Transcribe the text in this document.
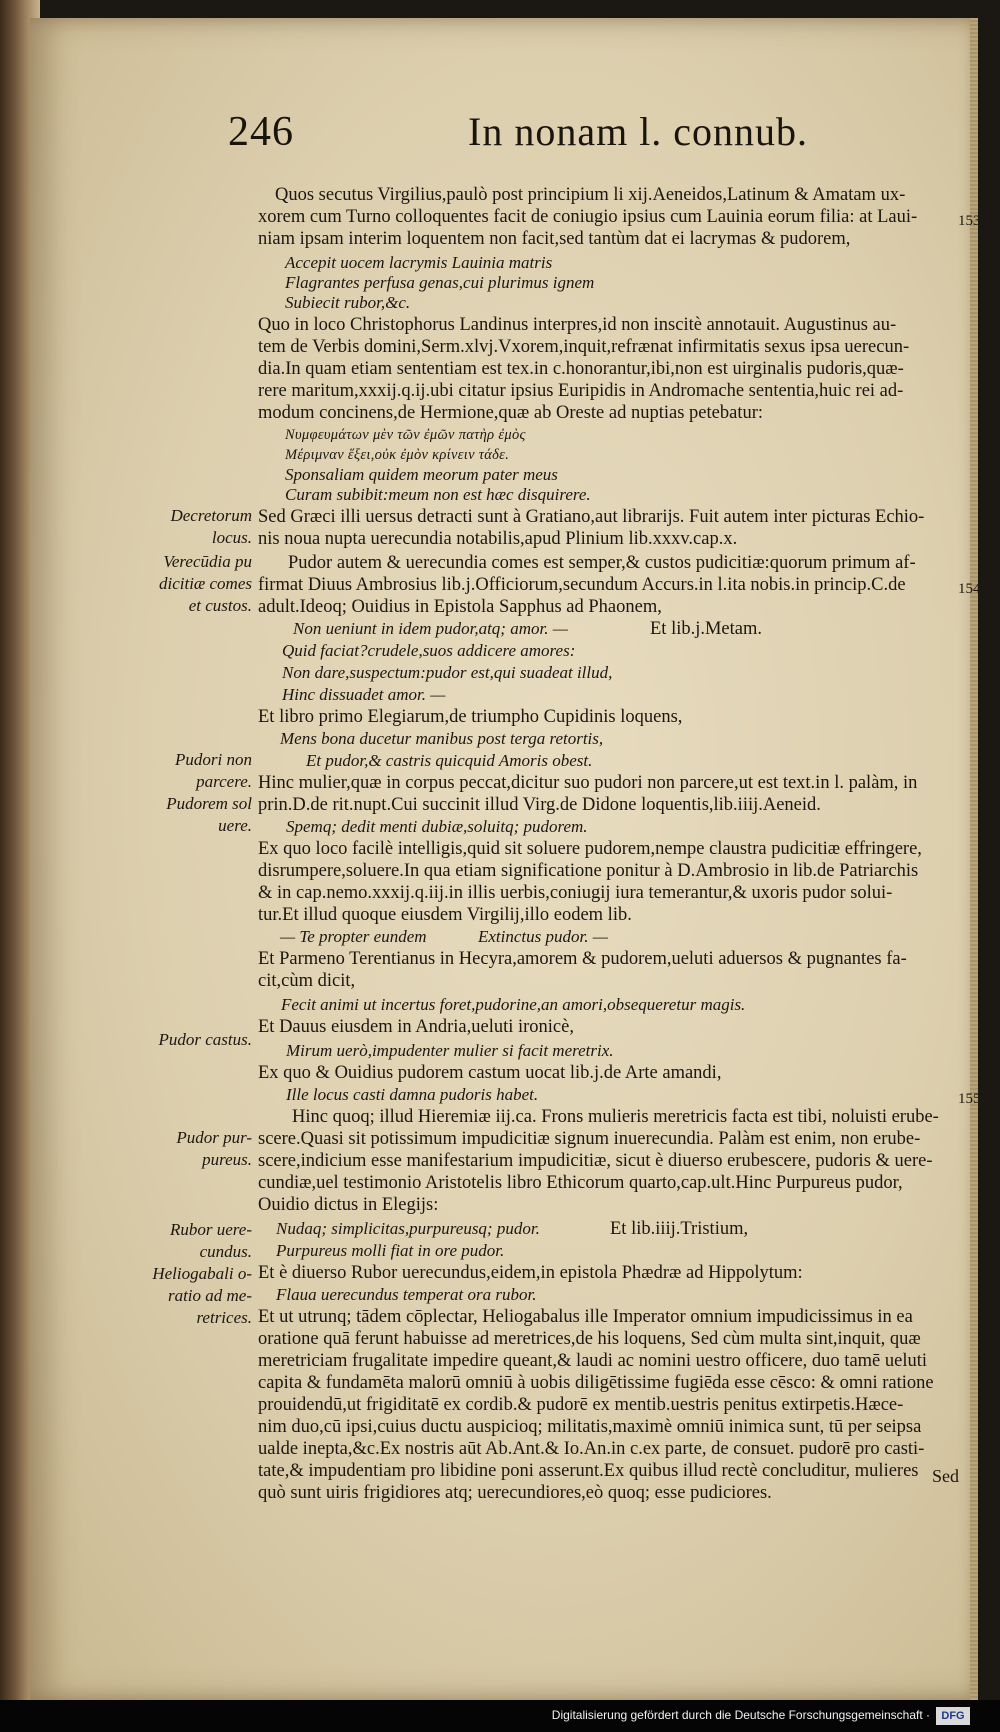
246	In nonam l. connub.
Quos secutus Virgilius,paulò post principium li xij.Aeneidos,Latinum & Amatam ux-
xorem cum Turno colloquentes facit de coniugio ipsius cum Lauinia eorum filia: at Laui-
niam ipsam interim loquentem non facit,sed tantùm dat ei lacrymas & pudorem,
Accepit uocem lacrymis Lauinia matris
Flagrantes perfusa genas,cui plurimus ignem
Subiecit rubor,&c.
Quo in loco Christophorus Landinus interpres,id non inscitè annotauit. Augustinus au-
tem de Verbis domini,Serm.xlvj.Vxorem,inquit,refrænat infirmitatis sexus ipsa uerecun-
dia.In quam etiam sententiam est tex.in c.honorantur,ibi,non est uirginalis pudoris,quæ-
rere maritum,xxxij.q.ij.ubi citatur ipsius Euripidis in Andromache sententia,huic rei ad-
modum concinens,de Hermione,quæ ab Oreste ad nuptias petebatur:
Νυμφευμάτων μὲν τῶν ἐμῶν πατὴρ ἐμὸς
Μέριμναν ἕξει,οὐκ ἐμὸν κρίνειν τάδε.
Sponsaliam quidem meorum pater meus
Curam subibit:meum non est hæc disquirere.
Sed Græci illi uersus detracti sunt à Gratiano,aut librarijs. Fuit autem inter picturas Echio-
nis noua nupta uerecundia notabilis,apud Plinium lib.xxxv.cap.x.
Pudor autem & uerecundia comes est semper,& custos pudicitiæ:quorum primum af-
firmat Diuus Ambrosius lib.j.Officiorum,secundum Accurs.in l.ita nobis.in princip.C.de
adult.Ideoq; Ouidius in Epistola Sapphus ad Phaonem,
Non ueniunt in idem pudor,atq; amor. —	Et lib.j.Metam.
Quid faciat?crudele,suos addicere amores:
Non dare,suspectum:pudor est,qui suadeat illud,
Hinc dissuadet amor. —
Et libro primo Elegiarum,de triumpho Cupidinis loquens,
Mens bona ducetur manibus post terga retortis,
Et pudor,& castris quicquid Amoris obest.
Hinc mulier,quæ in corpus peccat,dicitur suo pudori non parcere,ut est text.in l. palàm, in
prin.D.de rit.nupt.Cui succinit illud Virg.de Didone loquentis,lib.iiij.Aeneid.
Spemq; dedit menti dubiæ,soluitq; pudorem.
Ex quo loco facilè intelligis,quid sit soluere pudorem,nempe claustra pudicitiæ effringere,
disrumpere,soluere.In qua etiam significatione ponitur à D.Ambrosio in lib.de Patriarchis
& in cap.nemo.xxxij.q.iij.in illis uerbis,coniugij iura temerantur,& uxoris pudor solui-
tur.Et illud quoque eiusdem Virgilij,illo eodem lib.
— Te propter eundem	Extinctus pudor. —
Et Parmeno Terentianus in Hecyra,amorem & pudorem,ueluti aduersos & pugnantes fa-
cit,cùm dicit,
Fecit animi ut incertus foret,pudorine,an amori,obsequeretur magis.
Et Dauus eiusdem in Andria,ueluti ironicè,
Mirum uerò,impudenter mulier si facit meretrix.
Ex quo & Ouidius pudorem castum uocat lib.j.de Arte amandi,
Ille locus casti damna pudoris habet.
Hinc quoq; illud Hieremiæ iij.ca. Frons mulieris meretricis facta est tibi, noluisti erube-
scere.Quasi sit potissimum impudicitiæ signum inuerecundia. Palàm est enim, non erube-
scere,indicium esse manifestarium impudicitiæ, sicut è diuerso erubescere, pudoris & uere-
cundiæ,uel testimonio Aristotelis libro Ethicorum quarto,cap.ult.Hinc Purpureus pudor,
Ouidio dictus in Elegijs:
Nudaq; simplicitas,purpureusq; pudor.	Et lib.iiij.Tristium,
Purpureus molli fiat in ore pudor.
Et è diuerso Rubor uerecundus,eidem,in epistola Phædræ ad Hippolytum:
Flaua uerecundus temperat ora rubor.
Et ut utrunq; tādem cōplectar, Heliogabalus ille Imperator omnium impudicissimus in ea
oratione quā ferunt habuisse ad meretrices,de his loquens, Sed cùm multa sint,inquit, quæ
meretriciam frugalitate impedire queant,& laudi ac nomini uestro officere, duo tamē ueluti
capita & fundamēta malorū omniū à uobis diligētissime fugiēda esse cēsco: & omni ratione
prouidendū,ut frigiditatē ex cordib.& pudorē ex mentib.uestris penitus extirpetis.Hæce-
nim duo,cū ipsi,cuius ductu auspicioq; militatis,maximè omniū inimica sunt, tū per seipsa
ualde inepta,&c.Ex nostris aūt Ab.Ant.& Io.An.in c.ex parte, de consuet. pudorē pro casti-
tate,& impudentiam pro libidine poni asserunt.Ex quibus illud rectè concluditur, mulieres
quò sunt uiris frigidiores atq; uerecundiores,eò quoq; esse pudiciores.
153
154
155
Decretorum
locus.
Verecūdia pu
dicitiæ comes
et custos.
Pudori non
parcere.
Pudorem sol
uere.
Pudor castus.
Pudor pur-
pureus.
Rubor uere-
cundus.
Heliogabali o-
ratio ad me-
retrices.
Sed
Digitalisierung gefördert durch die Deutsche Forschungsgemeinschaft ·	DFG
